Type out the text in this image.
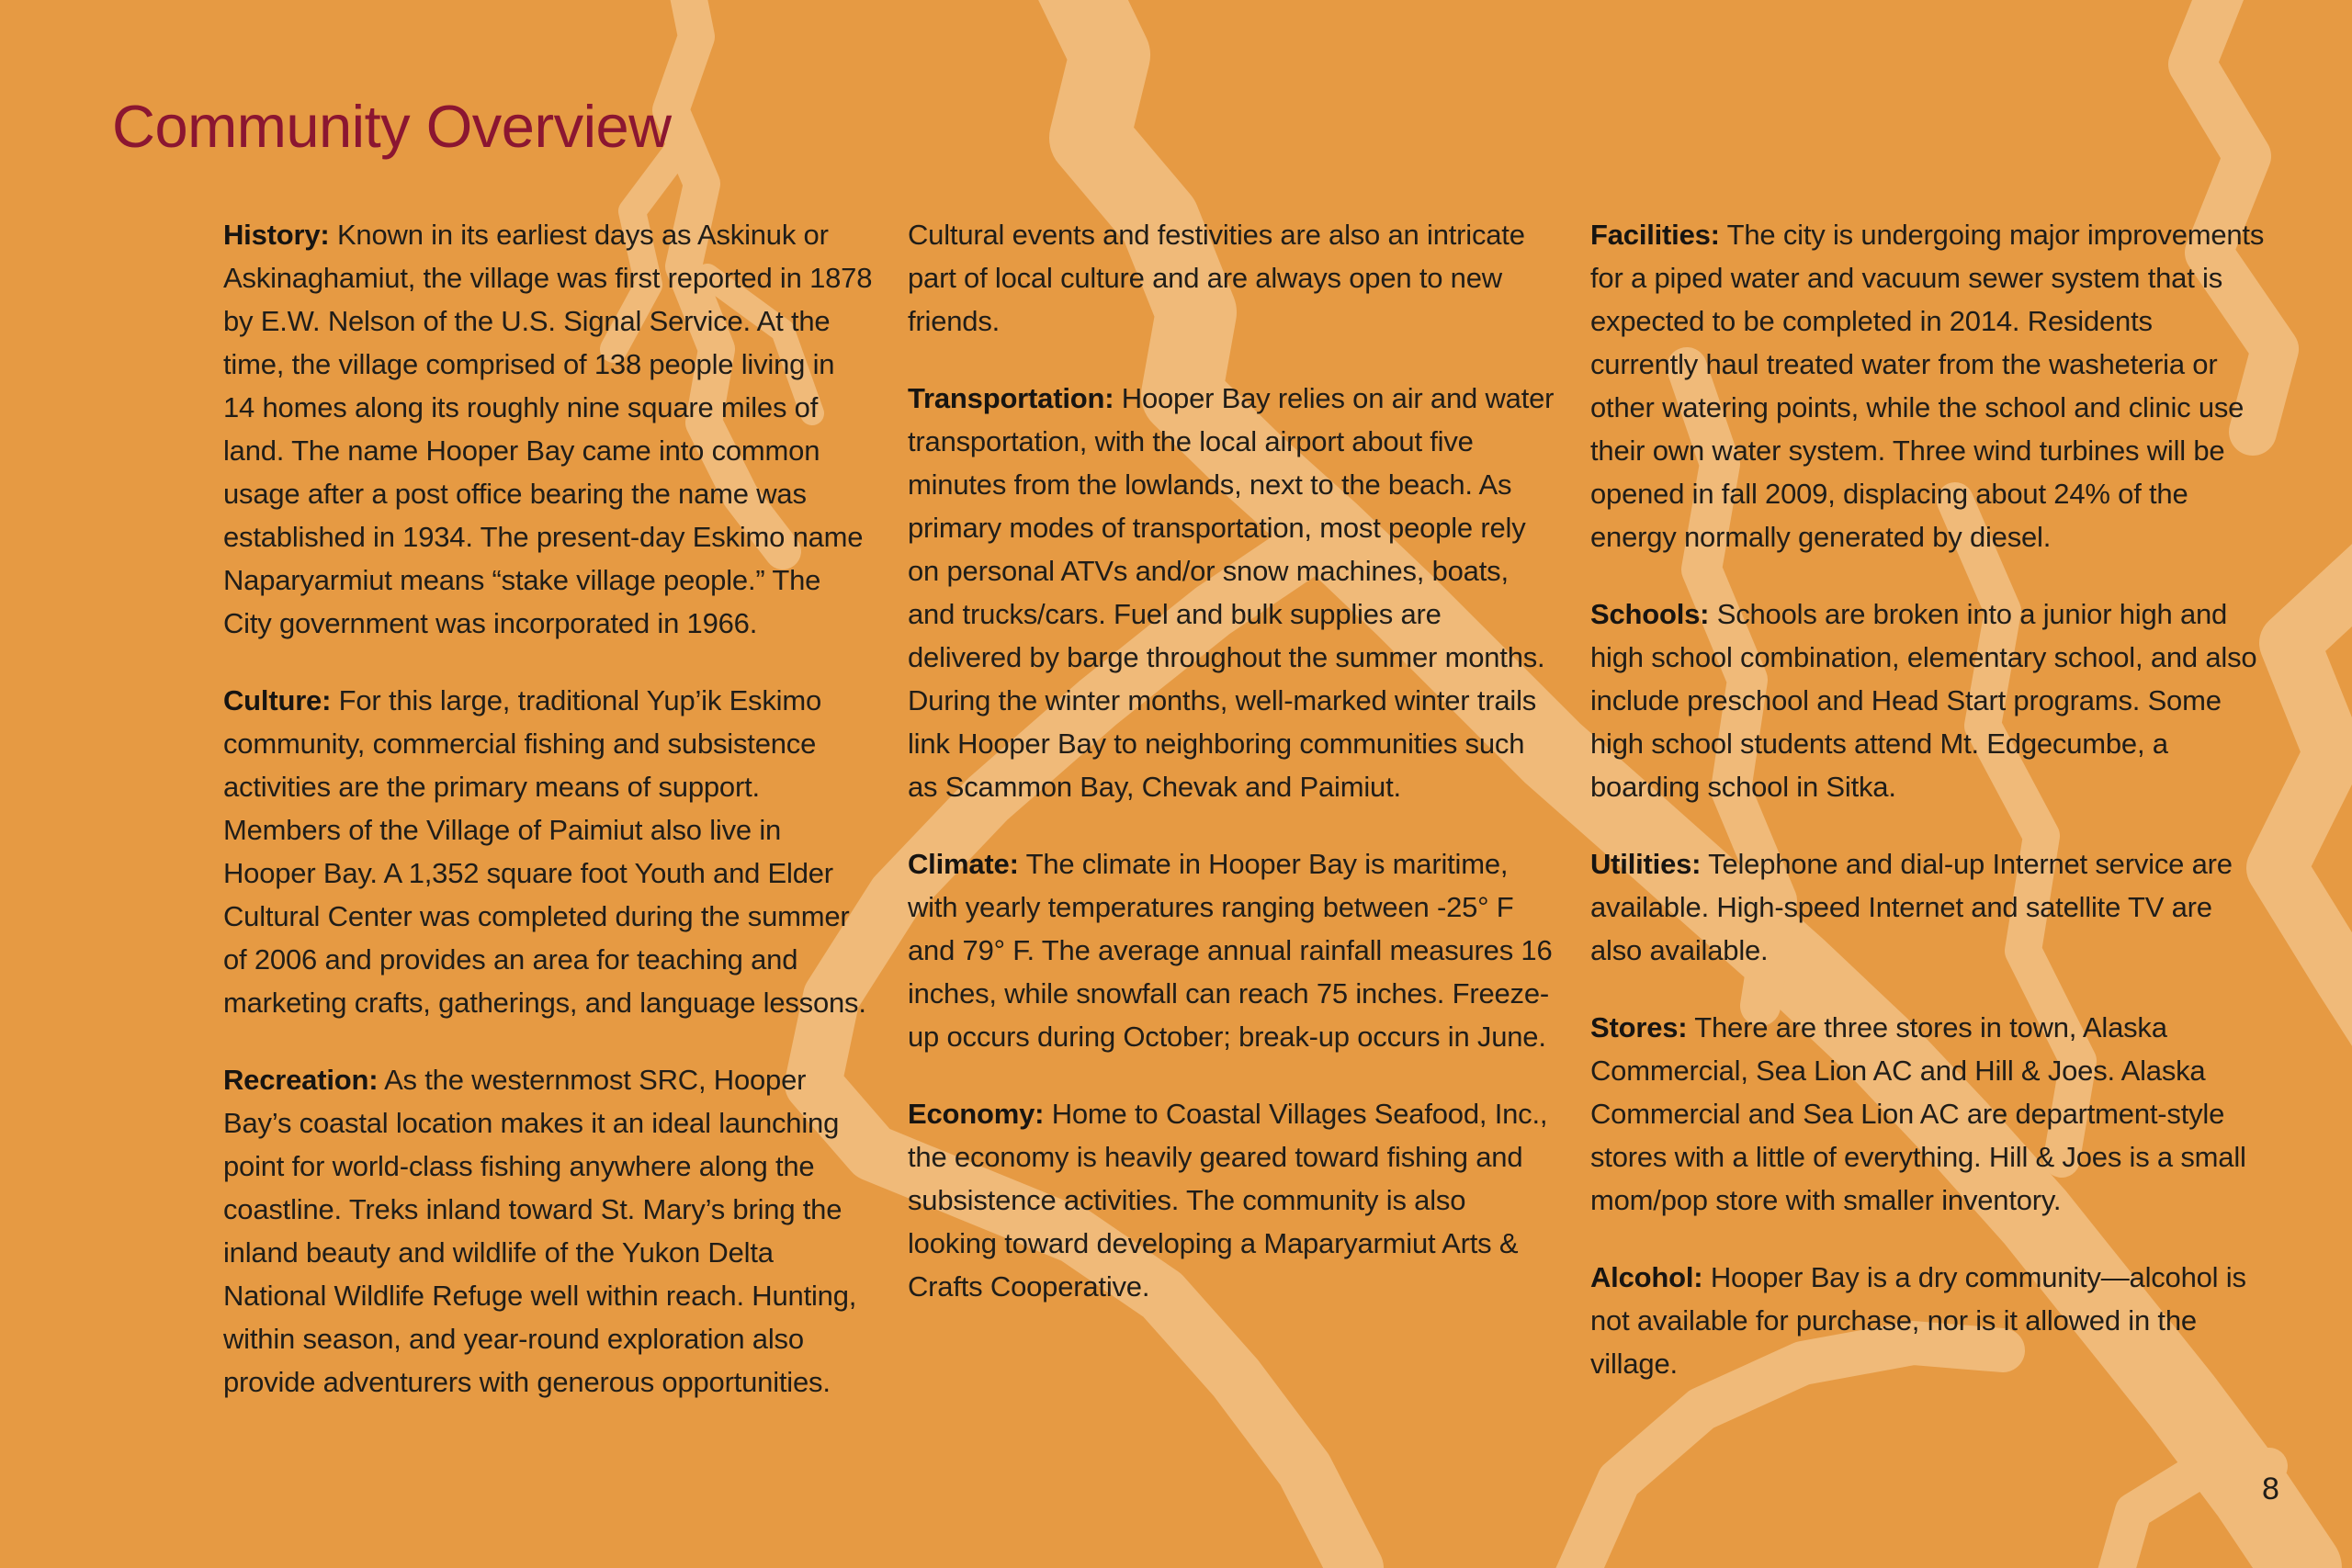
Community Overview

History: Known in its earliest days as Askinuk or Askinaghamiut, the village was first reported in 1878 by E.W. Nelson of the U.S. Signal Service. At the time, the village comprised of 138 people living in 14 homes along its roughly nine square miles of land. The name Hooper Bay came into common usage after a post office bearing the name was established in 1934. The present-day Eskimo name Naparyarmiut means “stake village people.” The City government was incorporated in 1966.

Culture: For this large, traditional Yup’ik Eskimo community, commercial fishing and subsistence activities are the primary means of support. Members of the Village of Paimiut also live in Hooper Bay. A 1,352 square foot Youth and Elder Cultural Center was completed during the summer of 2006 and provides an area for teaching and marketing crafts, gatherings, and language lessons.

Recreation: As the westernmost SRC, Hooper Bay’s coastal location makes it an ideal launching point for world-class fishing anywhere along the coastline. Treks inland toward St. Mary’s bring the inland beauty and wildlife of the Yukon Delta National Wildlife Refuge well within reach. Hunting, within season, and year-round exploration also provide adventurers with generous opportunities.

Cultural events and festivities are also an intricate part of local culture and are always open to new friends.

Transportation: Hooper Bay relies on air and water transportation, with the local airport about five minutes from the lowlands, next to the beach. As primary modes of transportation, most people rely on personal ATVs and/or snow machines, boats, and trucks/cars. Fuel and bulk supplies are delivered by barge throughout the summer months. During the winter months, well-marked winter trails link Hooper Bay to neighboring communities such as Scammon Bay, Chevak and Paimiut.

Climate: The climate in Hooper Bay is maritime, with yearly temperatures ranging between -25° F and 79° F. The average annual rainfall measures 16 inches, while snowfall can reach 75 inches. Freeze-up occurs during October; break-up occurs in June.

Economy: Home to Coastal Villages Seafood, Inc., the economy is heavily geared toward fishing and subsistence activities. The community is also looking toward developing a Maparyarmiut Arts & Crafts Cooperative.

Facilities: The city is undergoing major improvements for a piped water and vacuum sewer system that is expected to be completed in 2014. Residents currently haul treated water from the washeteria or other watering points, while the school and clinic use their own water system. Three wind turbines will be opened in fall 2009, displacing about 24% of the energy normally generated by diesel.

Schools: Schools are broken into a junior high and high school combination, elementary school, and also include preschool and Head Start programs. Some high school students attend Mt. Edgecumbe, a boarding school in Sitka.

Utilities: Telephone and dial-up Internet service are available. High-speed Internet and satellite TV are also available.

Stores: There are three stores in town, Alaska Commercial, Sea Lion AC and Hill & Joes. Alaska Commercial and Sea Lion AC are department-style stores with a little of everything. Hill & Joes is a small mom/pop store with smaller inventory.

Alcohol: Hooper Bay is a dry community—alcohol is not available for purchase, nor is it allowed in the village.

8
